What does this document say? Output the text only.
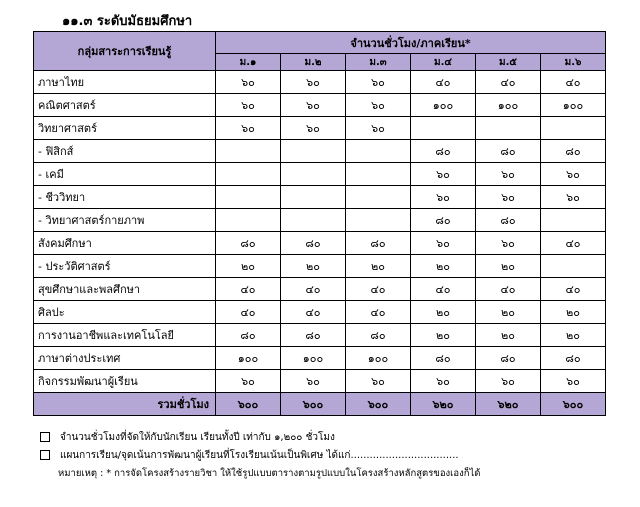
๑๑.๓ ระดับมัธยมศึกษา
กลุ่มสาระการเรียนรู้	จำนวนชั่วโมง/ภาคเรียน*					
	ม.๑	ม.๒	ม.๓	ม.๔	ม.๕	ม.๖
ภาษาไทย	๖๐	๖๐	๖๐	๔๐	๔๐	๔๐
คณิตศาสตร์	๖๐	๖๐	๖๐	๑๐๐	๑๐๐	๑๐๐
วิทยาศาสตร์	๖๐	๖๐	๖๐			
- ฟิสิกส์				๘๐	๘๐	๘๐
- เคมี				๖๐	๖๐	๖๐
- ชีววิทยา				๖๐	๖๐	๖๐
- วิทยาศาสตร์กายภาพ				๘๐	๘๐	
สังคมศึกษา	๘๐	๘๐	๘๐	๖๐	๖๐	๔๐
- ประวัติศาสตร์	๒๐	๒๐	๒๐	๒๐	๒๐	
สุขศึกษาและพลศึกษา	๔๐	๔๐	๔๐	๔๐	๔๐	๔๐
ศิลปะ	๔๐	๔๐	๔๐	๒๐	๒๐	๒๐
การงานอาชีพและเทคโนโลยี	๘๐	๘๐	๘๐	๒๐	๒๐	๒๐
ภาษาต่างประเทศ	๑๐๐	๑๐๐	๑๐๐	๘๐	๘๐	๘๐
กิจกรรมพัฒนาผู้เรียน	๖๐	๖๐	๖๐	๖๐	๖๐	๖๐
รวมชั่วโมง	๖๐๐	๖๐๐	๖๐๐	๖๒๐	๖๒๐	๖๐๐
จำนวนชั่วโมงที่จัดให้กับนักเรียน เรียนทั้งปี เท่ากับ ๑,๒๐๐ ชั่วโมง
แผนการเรียน/จุดเน้นการพัฒนาผู้เรียนที่โรงเรียนเน้นเป็นพิเศษ ได้แก่..................................
หมายเหตุ : * การจัดโครงสร้างรายวิชา ให้ใช้รูปแบบตารางตามรูปแบบในโครงสร้างหลักสูตรของเองก็ได้
